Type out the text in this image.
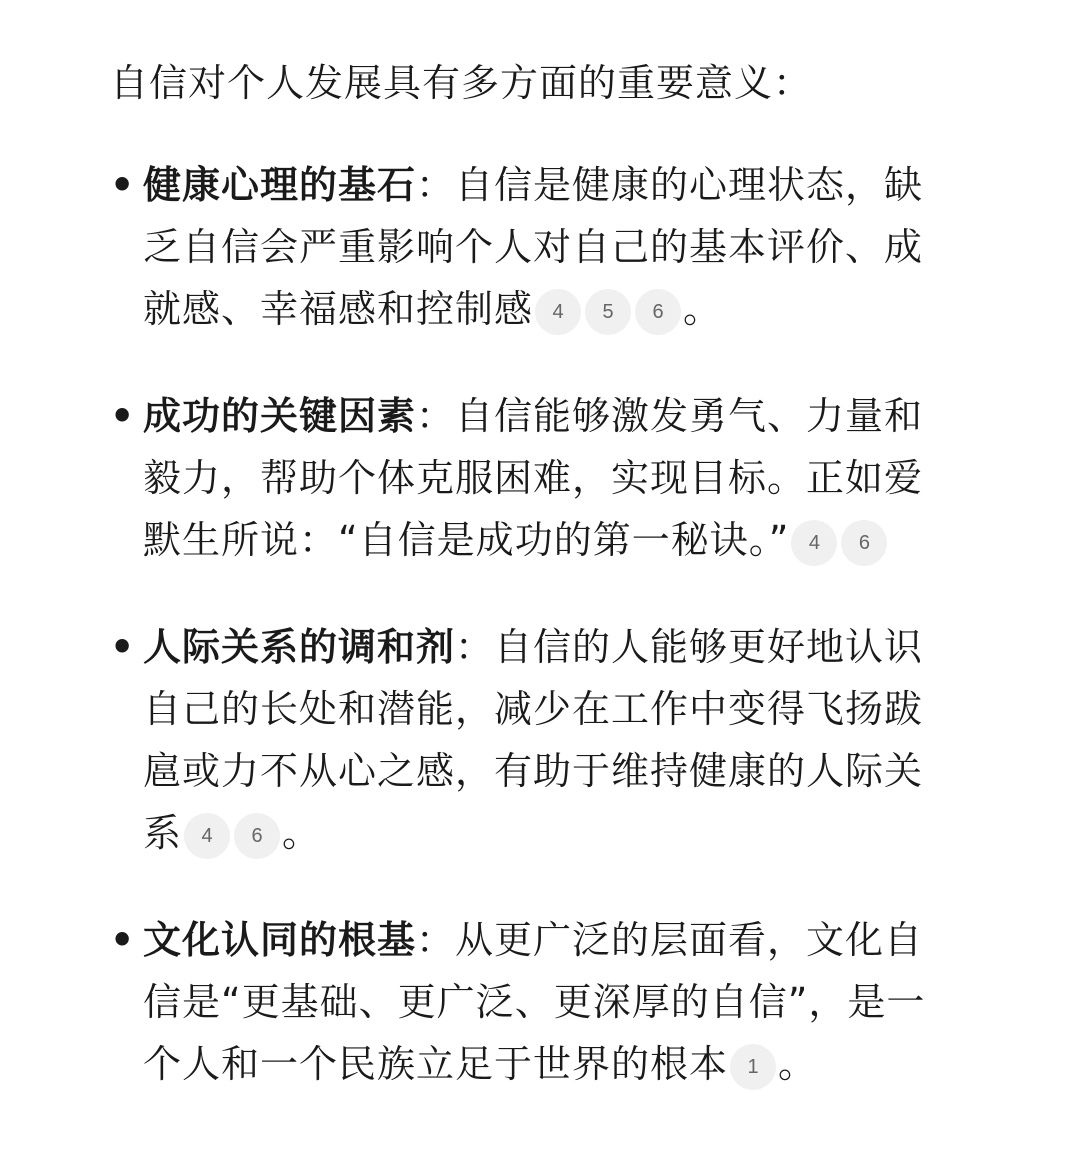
自信对个人发展具有多方面的重要意义：

• 健康心理的基石：自信是健康的心理状态，缺乏自信会严重影响个人对自己的基本评价、成就感、幸福感和控制感 4 5 6 。
• 成功的关键因素：自信能够激发勇气、力量和毅力，帮助个体克服困难，实现目标。正如爱默生所说：“自信是成功的第一秘诀。” 4 6
• 人际关系的调和剂：自信的人能够更好地认识自己的长处和潜能，减少在工作中变得飞扬跋扈或力不从心之感，有助于维持健康的人际关系 4 6 。
• 文化认同的根基：从更广泛的层面看，文化自信是“更基础、更广泛、更深厚的自信”，是一个人和一个民族立足于世界的根本 1 。
